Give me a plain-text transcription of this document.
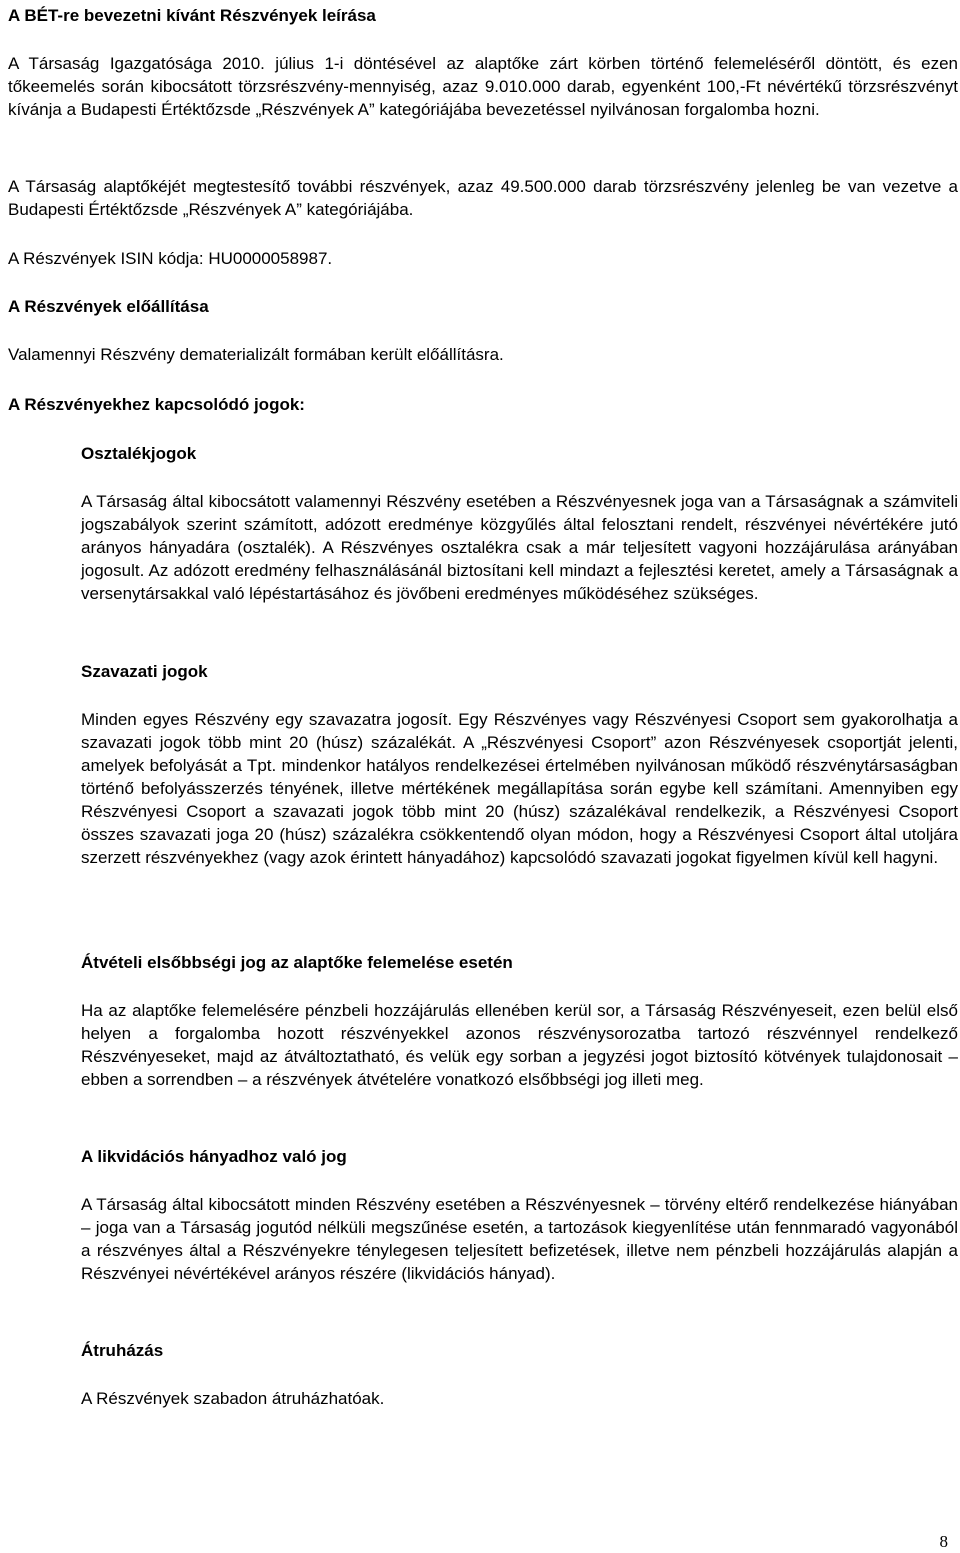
A BÉT-re bevezetni kívánt Részvények leírása
A Társaság Igazgatósága 2010. július 1-i döntésével az alaptőke zárt körben történő felemeléséről döntött, és ezen tőkeemelés során kibocsátott törzsrészvény-mennyiség, azaz 9.010.000 darab, egyenként 100,-Ft névértékű törzsrészvényt kívánja a Budapesti Értéktőzsde „Részvények A” kategóriájába bevezetéssel nyilvánosan forgalomba hozni.
A Társaság alaptőkéjét megtestesítő további részvények, azaz 49.500.000 darab törzsrészvény jelenleg be van vezetve a Budapesti Értéktőzsde „Részvények A” kategóriájába.
A Részvények ISIN kódja: HU0000058987.
A Részvények előállítása
Valamennyi Részvény dematerializált formában került előállításra.
A Részvényekhez kapcsolódó jogok:
Osztalékjogok
A Társaság által kibocsátott valamennyi Részvény esetében a Részvényesnek joga van a Társaságnak a számviteli jogszabályok szerint számított, adózott eredménye közgyűlés által felosztani rendelt, részvényei névértékére jutó arányos hányadára (osztalék). A Részvényes osztalékra csak a már teljesített vagyoni hozzájárulása arányában jogosult. Az adózott eredmény felhasználásánál biztosítani kell mindazt a fejlesztési keretet, amely a Társaságnak a versenytársakkal való lépéstartásához és jövőbeni eredményes működéséhez szükséges.
Szavazati jogok
Minden egyes Részvény egy szavazatra jogosít. Egy Részvényes vagy Részvényesi Csoport sem gyakorolhatja a szavazati jogok több mint 20 (húsz) százalékát. A „Részvényesi Csoport” azon Részvényesek csoportját jelenti, amelyek befolyását a Tpt. mindenkor hatályos rendelkezései értelmében nyilvánosan működő részvénytársaságban történő befolyásszerzés tényének, illetve mértékének megállapítása során egybe kell számítani. Amennyiben egy Részvényesi Csoport a szavazati jogok több mint 20 (húsz) százalékával rendelkezik, a Részvényesi Csoport összes szavazati joga 20 (húsz) százalékra csökkentendő olyan módon, hogy a Részvényesi Csoport által utoljára szerzett részvényekhez (vagy azok érintett hányadához) kapcsolódó szavazati jogokat figyelmen kívül kell hagyni.
Átvételi elsőbbségi jog az alaptőke felemelése esetén
Ha az alaptőke felemelésére pénzbeli hozzájárulás ellenében kerül sor, a Társaság Részvényeseit, ezen belül első helyen a forgalomba hozott részvényekkel azonos részvénysorozatba tartozó részvénnyel rendelkező Részvényeseket, majd az átváltoztatható, és velük egy sorban a jegyzési jogot biztosító kötvények tulajdonosait – ebben a sorrendben – a részvények átvételére vonatkozó elsőbbségi jog illeti meg.
A likvidációs hányadhoz való jog
A Társaság által kibocsátott minden Részvény esetében a Részvényesnek – törvény eltérő rendelkezése hiányában – joga van a Társaság jogutód nélküli megszűnése esetén, a tartozások kiegyenlítése után fennmaradó vagyonából a részvényes által a Részvényekre ténylegesen teljesített befizetések, illetve nem pénzbeli hozzájárulás alapján a Részvényei névértékével arányos részére (likvidációs hányad).
Átruházás
A Részvények szabadon átruházhatóak.
8
